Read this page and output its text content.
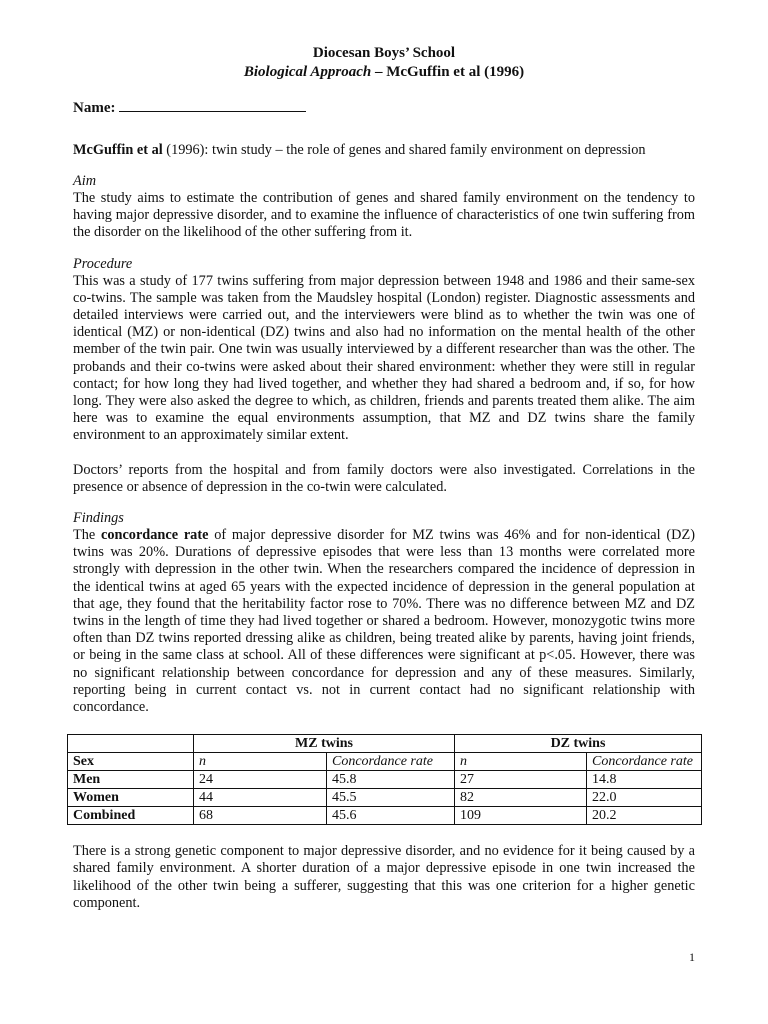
Diocesan Boys’ School
Biological Approach – McGuffin et al (1996)
Name:
McGuffin et al (1996): twin study – the role of genes and shared family environment on depression
Aim

The study aims to estimate the contribution of genes and shared family environment on the tendency to having major depressive disorder, and to examine the influence of characteristics of one twin suffering from the disorder on the likelihood of the other suffering from it.

Procedure

This was a study of 177 twins suffering from major depression between 1948 and 1986 and their same-sex co-twins. The sample was taken from the Maudsley hospital (London) register. Diagnostic assessments and detailed interviews were carried out, and the interviewers were blind as to whether the twin was one of identical (MZ) or non-identical (DZ) twins and also had no information on the mental health of the other member of the twin pair. One twin was usually interviewed by a different researcher than was the other. The probands and their co-twins were asked about their shared environment: whether they were still in regular contact; for how long they had lived together, and whether they had shared a bedroom and, if so, for how long. They were also asked the degree to which, as children, friends and parents treated them alike. The aim here was to examine the equal environments assumption, that MZ and DZ twins share the family environment to an approximately similar extent.

Doctors’ reports from the hospital and from family doctors were also investigated. Correlations in the presence or absence of depression in the co-twin were calculated.

Findings

The concordance rate of major depressive disorder for MZ twins was 46% and for non-identical (DZ) twins was 20%. Durations of depressive episodes that were less than 13 months were correlated more strongly with depression in the other twin. When the researchers compared the incidence of depression in the identical twins at aged 65 years with the expected incidence of depression in the general population at that age, they found that the heritability factor rose to 70%. There was no difference between MZ and DZ twins in the length of time they had lived together or shared a bedroom. However, monozygotic twins more often than DZ twins reported dressing alike as children, being treated alike by parents, having joint friends, or being in the same class at school. All of these differences were significant at p<.05. However, there was no significant relationship between concordance for depression and any of these measures. Similarly, reporting being in current contact vs. not in current contact had no significant relationship with concordance.

	MZ twins		DZ twins	
Sex	n	Concordance rate	n	Concordance rate
Men	24	45.8	27	14.8
Women	44	45.5	82	22.0
Combined	68	45.6	109	20.2

There is a strong genetic component to major depressive disorder, and no evidence for it being caused by a shared family environment. A shorter duration of a major depressive episode in one twin increased the likelihood of the other twin being a sufferer, suggesting that this was one criterion for a higher genetic component.

1
